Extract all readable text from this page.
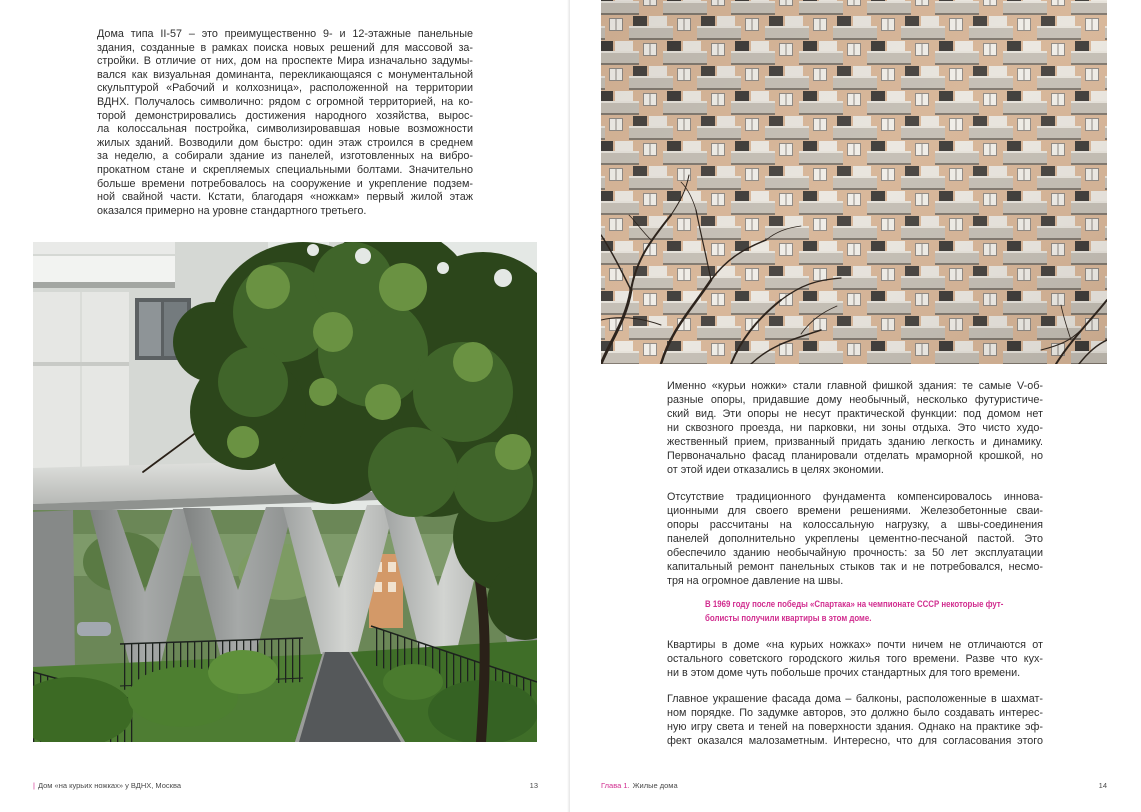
Дома типа II-57 – это преимущественно 9- и 12-этажные панельные
здания, созданные в рамках поиска новых решений для массовой за-
стройки. В отличие от них, дом на проспекте Мира изначально задумы-
вался как визуальная доминанта, перекликающаяся с монументальной
скульптурой «Рабочий и колхозница», расположенной на территории
ВДНХ. Получалось символично: рядом с огромной территорией, на ко-
торой демонстрировались достижения народного хозяйства, вырос-
ла колоссальная постройка, символизировавшая новые возможности
жилых зданий. Возводили дом быстро: один этаж строился в среднем
за неделю, а собирали здание из панелей, изготовленных на вибро-
прокатном стане и скрепляемых специальными болтами. Значительно
больше времени потребовалось на сооружение и укрепление подзем-
ной свайной части. Кстати, благодаря «ножкам» первый жилой этаж
оказался примерно на уровне стандартного третьего.
| Дом «на курьих ножках» у ВДНХ, Москва	13
Именно «курьи ножки» стали главной фишкой здания: те самые V-об-
разные опоры, придавшие дому необычный, несколько футуристиче-
ский вид. Эти опоры не несут практической функции: под домом нет
ни сквозного проезда, ни парковки, ни зоны отдыха. Это чисто худо-
жественный прием, призванный придать зданию легкость и динамику.
Первоначально фасад планировали отделать мраморной крошкой, но
от этой идеи отказались в целях экономии.
Отсутствие традиционного фундамента компенсировалось иннова-
ционными для своего времени решениями. Железобетонные сваи-
опоры рассчитаны на колоссальную нагрузку, а швы-соединения
панелей дополнительно укреплены цементно-песчаной пастой. Это
обеспечило зданию необычайную прочность: за 50 лет эксплуатации
капитальный ремонт панельных стыков так и не потребовался, несмо-
тря на огромное давление на швы.
В 1969 году после победы «Спартака» на чемпионате СССР некоторые фут-
болисты получили квартиры в этом доме.
Квартиры в доме «на курьих ножках» почти ничем не отличаются от
остального советского городского жилья того времени. Разве что кух-
ни в этом доме чуть побольше прочих стандартных для того времени.
Главное украшение фасада дома – балконы, расположенные в шахмат-
ном порядке. По задумке авторов, это должно было создавать интерес-
ную игру света и теней на поверхности здания. Однако на практике эф-
фект оказался малозаметным. Интересно, что для согласования этого
Глава 1. Жилые дома	14
